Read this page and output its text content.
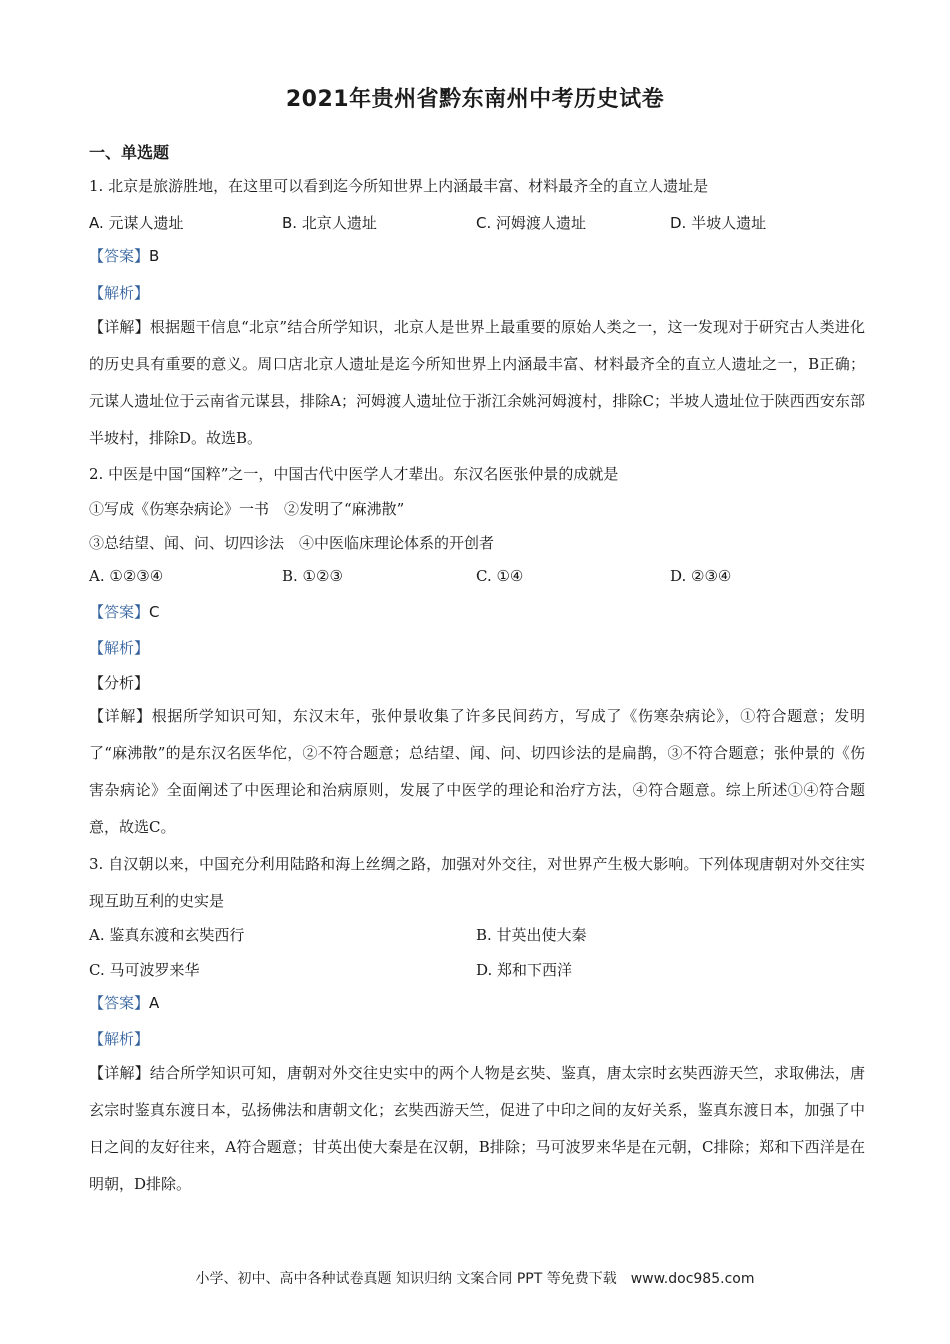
2021年贵州省黔东南州中考历史试卷
一、单选题
1. 北京是旅游胜地，在这里可以看到迄今所知世界上内涵最丰富、材料最齐全的直立人遗址是
A. 元谋人遗址	B. 北京人遗址	C. 河姆渡人遗址	D. 半坡人遗址
【答案】B
【解析】
【详解】根据题干信息“北京”结合所学知识，北京人是世界上最重要的原始人类之一，这一发现对于研究古人类进化的历史具有重要的意义。周口店北京人遗址是迄今所知世界上内涵最丰富、材料最齐全的直立人遗址之一，B正确；元谋人遗址位于云南省元谋县，排除A；河姆渡人遗址位于浙江余姚河姆渡村，排除C；半坡人遗址位于陕西西安东部半坡村，排除D。故选B。
2. 中医是中国“国粹”之一，中国古代中医学人才辈出。东汉名医张仲景的成就是
①写成《伤寒杂病论》一书　②发明了“麻沸散”
③总结望、闻、问、切四诊法　④中医临床理论体系的开创者
A. ①②③④	B. ①②③	C. ①④	D. ②③④
【答案】C
【解析】
【分析】
【详解】根据所学知识可知，东汉末年，张仲景收集了许多民间药方，写成了《伤寒杂病论》，①符合题意；发明了“麻沸散”的是东汉名医华佗，②不符合题意；总结望、闻、问、切四诊法的是扁鹊，③不符合题意；张仲景的《伤害杂病论》全面阐述了中医理论和治病原则，发展了中医学的理论和治疗方法，④符合题意。综上所述①④符合题意，故选C。
3. 自汉朝以来，中国充分利用陆路和海上丝绸之路，加强对外交往，对世界产生极大影响。下列体现唐朝对外交往实现互助互利的史实是
A. 鉴真东渡和玄奘西行	B. 甘英出使大秦
C. 马可波罗来华	D. 郑和下西洋
【答案】A
【解析】
【详解】结合所学知识可知，唐朝对外交往史实中的两个人物是玄奘、鉴真，唐太宗时玄奘西游天竺，求取佛法，唐玄宗时鉴真东渡日本，弘扬佛法和唐朝文化；玄奘西游天竺，促进了中印之间的友好关系，鉴真东渡日本，加强了中日之间的友好往来，A符合题意；甘英出使大秦是在汉朝，B排除；马可波罗来华是在元朝，C排除；郑和下西洋是在明朝，D排除。
小学、初中、高中各种试卷真题 知识归纳 文案合同 PPT 等免费下载　www.doc985.com
